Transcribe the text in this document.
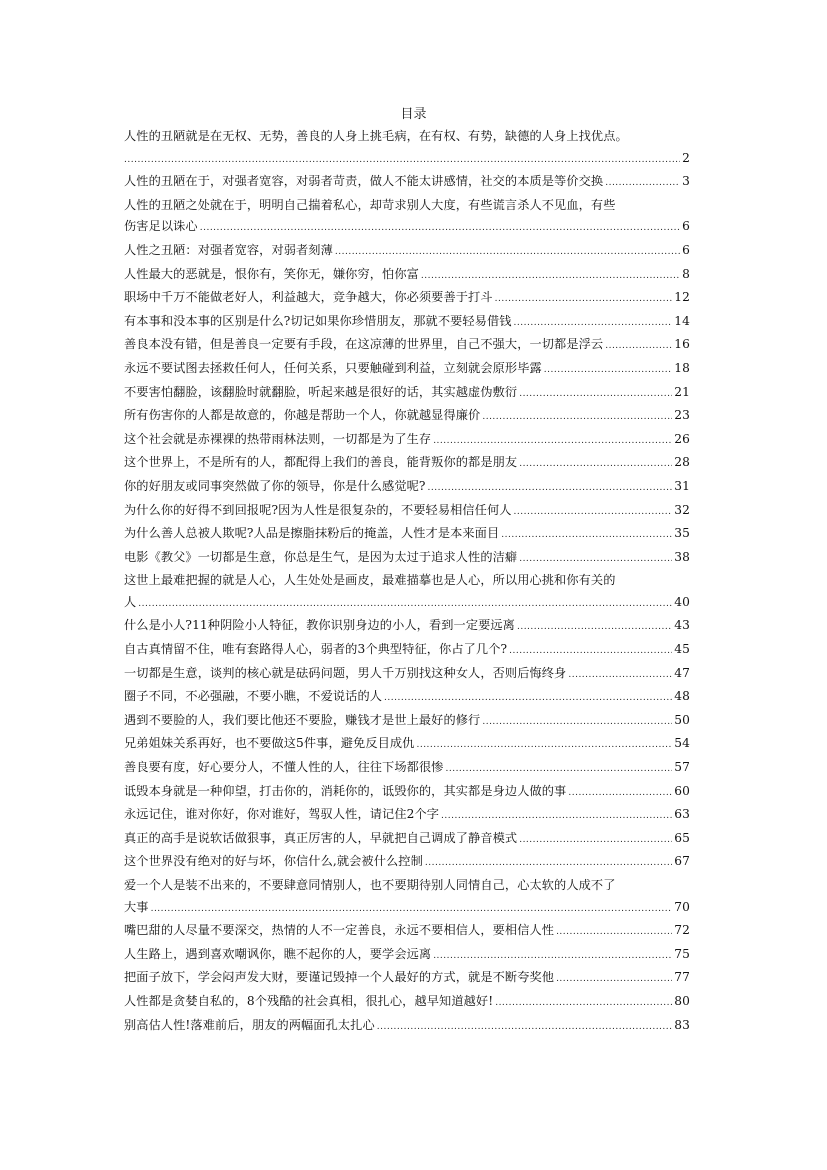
目录
人性的丑陋就是在无权、无势，善良的人身上挑毛病，在有权、有势，缺德的人身上找优点。
.....
2
人性的丑陋在于，对强者宽容，对弱者苛责，做人不能太讲感情，社交的本质是等价交换 .....	3
人性的丑陋之处就在于，明明自己揣着私心，却苛求别人大度，有些谎言杀人不见血，有些
伤害足以诛心 .....	6
人性之丑陋：对强者宽容，对弱者刻薄 .....	6
人性最大的恶就是，恨你有，笑你无，嫌你穷，怕你富 .....	8
职场中千万不能做老好人，利益越大，竞争越大，你必须要善于打斗 .....	12
有本事和没本事的区别是什么?切记如果你珍惜朋友，那就不要轻易借钱 .....	14
善良本没有错，但是善良一定要有手段，在这凉薄的世界里，自己不强大，一切都是浮云 .....	16
永远不要试图去拯救任何人，任何关系，只要触碰到利益，立刻就会原形毕露 .....	18
不要害怕翻脸，该翻脸时就翻脸，听起来越是很好的话，其实越虚伪敷衍 .....	21
所有伤害你的人都是故意的，你越是帮助一个人，你就越显得廉价 .....	23
这个社会就是赤裸裸的热带雨林法则，一切都是为了生存 .....	26
这个世界上，不是所有的人，都配得上我们的善良，能背叛你的都是朋友 .....	28
你的好朋友或同事突然做了你的领导，你是什么感觉呢? .....	31
为什么你的好得不到回报呢?因为人性是很复杂的，不要轻易相信任何人 .....	32
为什么善人总被人欺呢?人品是擦脂抹粉后的掩盖，人性才是本来面目 .....	35
电影《教父》一切都是生意，你总是生气，是因为太过于追求人性的洁癖 .....	38
这世上最难把握的就是人心，人生处处是画皮，最难描摹也是人心，所以用心挑和你有关的
人 .....	40
什么是小人?11种阴险小人特征，教你识别身边的小人，看到一定要远离 .....	43
自古真情留不住，唯有套路得人心，弱者的3个典型特征，你占了几个? .....	45
一切都是生意，谈判的核心就是砝码问题，男人千万别找这种女人，否则后悔终身 .....	47
圈子不同，不必强融，不要小瞧，不爱说话的人 .....	48
遇到不要脸的人，我们要比他还不要脸，赚钱才是世上最好的修行 .....	50
兄弟姐妹关系再好，也不要做这5件事，避免反目成仇 .....	54
善良要有度，好心要分人，不懂人性的人，往往下场都很惨 .....	57
诋毁本身就是一种仰望，打击你的，消耗你的，诋毁你的，其实都是身边人做的事 .....	60
永远记住，谁对你好，你对谁好，驾驭人性，请记住2个字 .....	63
真正的高手是说软话做狠事，真正厉害的人，早就把自己调成了静音模式 .....	65
这个世界没有绝对的好与坏，你信什么,就会被什么控制 .....	67
爱一个人是装不出来的，不要肆意同情别人，也不要期待别人同情自己，心太软的人成不了
大事 .....	70
嘴巴甜的人尽量不要深交，热情的人不一定善良，永远不要相信人，要相信人性 .....	72
人生路上，遇到喜欢嘲讽你，瞧不起你的人，要学会远离 .....	75
把面子放下，学会闷声发大财，要谨记毁掉一个人最好的方式，就是不断夸奖他 .....	77
人性都是贪婪自私的，8个残酷的社会真相，很扎心，越早知道越好! .....	80
别高估人性!落难前后，朋友的两幅面孔太扎心 .....	83
